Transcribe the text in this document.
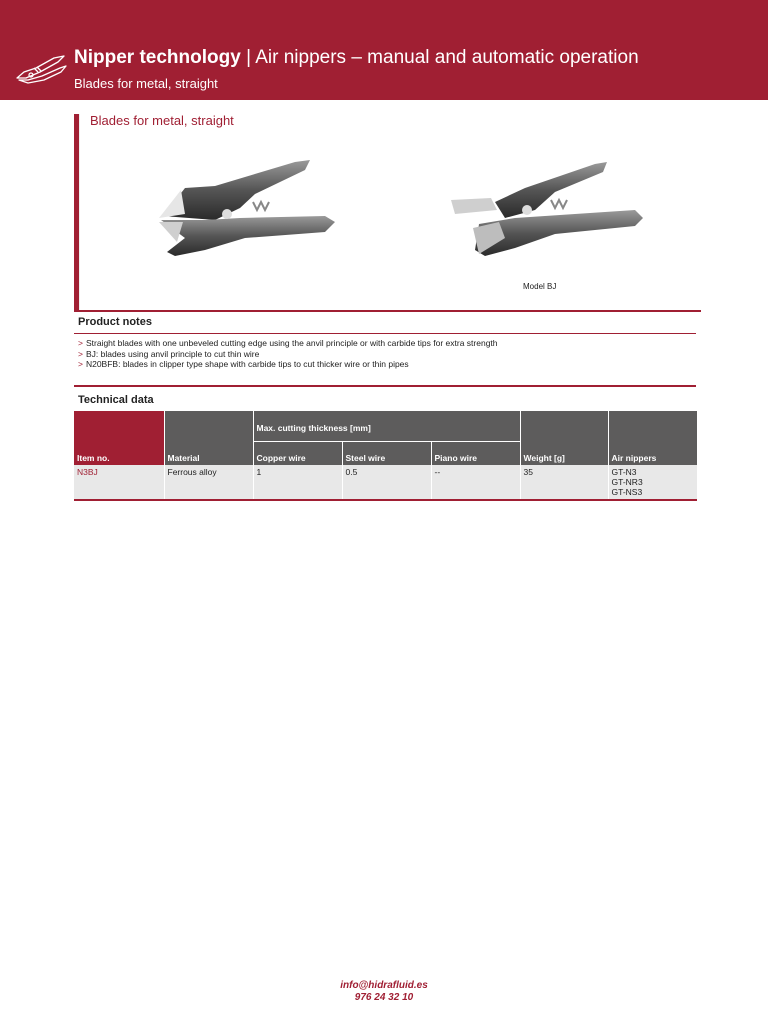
Nipper technology | Air nippers – manual and automatic operation
Blades for metal, straight
Blades for metal, straight
Model BJ
Product notes
> Straight blades with one unbeveled cutting edge using the anvil principle or with carbide tips for extra strength
> BJ: blades using anvil principle to cut thin wire
> N20BFB: blades in clipper type shape with carbide tips to cut thicker wire or thin pipes
Technical data
Item no.	Material	Max. cutting thickness [mm]			Weight [g]	Air nippers
		Copper wire	Steel wire	Piano wire		
N3BJ	Ferrous alloy	1	0.5	--	35	GT-N3
GT-NR3
GT-NS3
info@hidrafluid.es
976 24 32 10
